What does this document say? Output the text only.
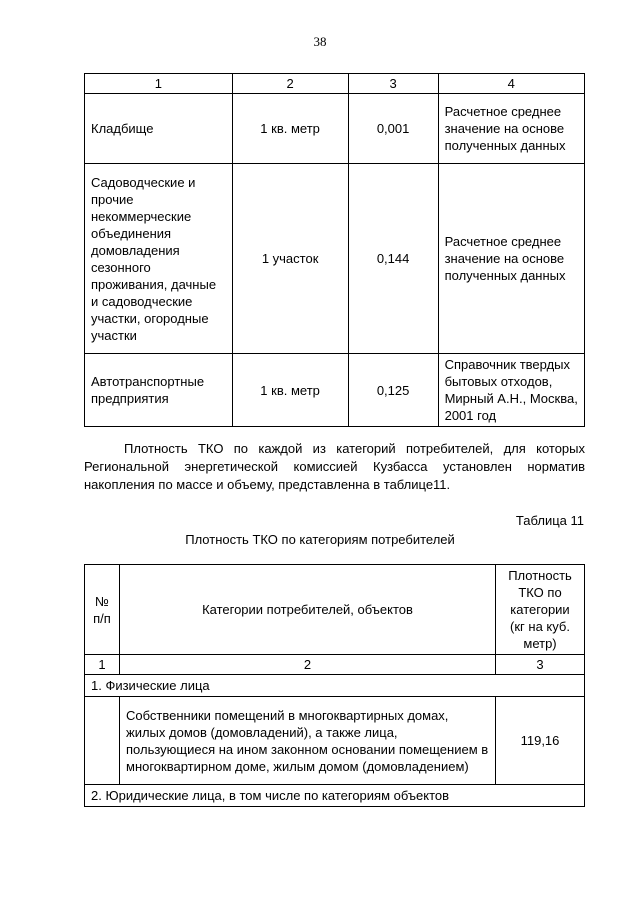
38
1	2	3	4
Кладбище	1 кв. метр	0,001	Расчетное среднее значение на основе полученных данных
Садоводческие и прочие некоммерческие объединения домовладения сезонного проживания, дачные и садоводческие участки, огородные участки	1 участок	0,144	Расчетное среднее значение на основе полученных данных
Автотранспортные предприятия	1 кв. метр	0,125	Справочник твердых бытовых отходов, Мирный А.Н., Москва, 2001 год
Плотность ТКО по каждой из категорий потребителей, для которых Региональной энергетической комиссией Кузбасса установлен норматив накопления по массе и объему, представленна в таблице11.
Таблица 11
Плотность ТКО по категориям потребителей
№ п/п	Категории потребителей, объектов	Плотность ТКО по категории (кг на куб. метр)
1	2	3
1. Физические лица		
	Собственники помещений в многоквартирных домах, жилых домов (домовладений), а также лица, пользующиеся на ином законном основании помещением в многоквартирном доме, жилым домом (домовладением)	119,16
2. Юридические лица, в том числе по категориям объектов		
